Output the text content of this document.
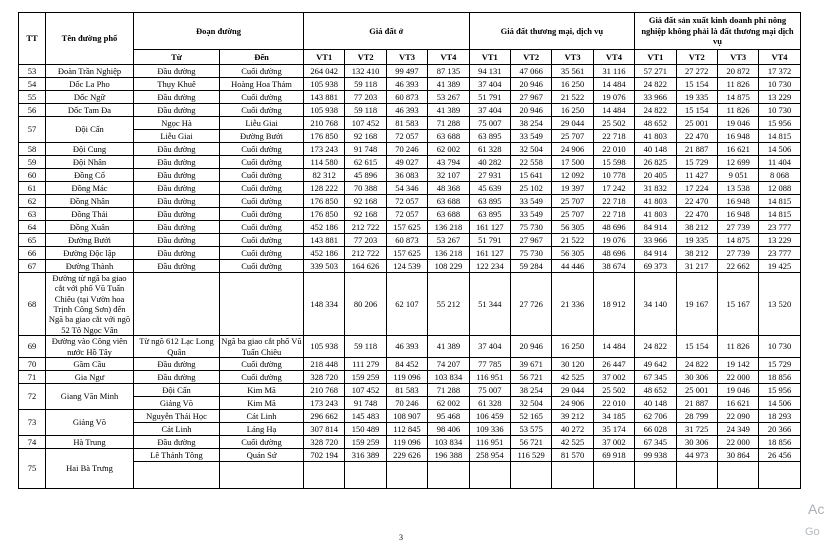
TT	Tên đường phố	Đoạn đường		Giá đất ở				Giá đất thương mại, dịch vụ				Giá đất sản xuất kinh doanh phi nông nghiệp không phải là đất thương mại dịch vụ			
		Từ	Đến	VT1	VT2	VT3	VT4	VT1	VT2	VT3	VT4	VT1	VT2	VT3	VT4
53	Đoàn Trần Nghiệp	Đầu đường	Cuối đường	264 042	132 410	99 497	87 135	94 131	47 066	35 561	31 116	57 271	27 272	20 872	17 372
54	Dốc La Pho	Thụy Khuê	Hoàng Hoa Thám	105 938	59 118	46 393	41 389	37 404	20 946	16 250	14 484	24 822	15 154	11 826	10 730
55	Dốc Ngữ	Đầu đường	Cuối đường	143 881	77 203	60 873	53 267	51 791	27 967	21 522	19 076	33 966	19 335	14 875	13 229
56	Dốc Tam Đa	Đầu đường	Cuối đường	105 938	59 118	46 393	41 389	37 404	20 946	16 250	14 484	24 822	15 154	11 826	10 730
57	Đội Cấn	Ngọc Hà	Liễu Giai	210 768	107 452	81 583	71 288	75 007	38 254	29 044	25 502	48 652	25 001	19 046	15 956
		Liễu Giai	Đường Bưởi	176 850	92 168	72 057	63 688	63 895	33 549	25 707	22 718	41 803	22 470	16 948	14 815
58	Đội Cung	Đầu đường	Cuối đường	173 243	91 748	70 246	62 002	61 328	32 504	24 906	22 010	40 148	21 887	16 621	14 506
59	Đội Nhân	Đầu đường	Cuối đường	114 580	62 615	49 027	43 794	40 282	22 558	17 500	15 598	26 825	15 729	12 699	11 404
60	Đồng Cổ	Đầu đường	Cuối đường	82 312	45 896	36 083	32 107	27 931	15 641	12 092	10 778	20 405	11 427	9 051	8 068
61	Đồng Mác	Đầu đường	Cuối đường	128 222	70 388	54 346	48 368	45 639	25 102	19 397	17 242	31 832	17 224	13 538	12 088
62	Đồng Nhân	Đầu đường	Cuối đường	176 850	92 168	72 057	63 688	63 895	33 549	25 707	22 718	41 803	22 470	16 948	14 815
63	Đồng Thái	Đầu đường	Cuối đường	176 850	92 168	72 057	63 688	63 895	33 549	25 707	22 718	41 803	22 470	16 948	14 815
64	Đồng Xuân	Đầu đường	Cuối đường	452 186	212 722	157 625	136 218	161 127	75 730	56 305	48 696	84 914	38 212	27 739	23 777
65	Đường Bưởi	Đầu đường	Cuối đường	143 881	77 203	60 873	53 267	51 791	27 967	21 522	19 076	33 966	19 335	14 875	13 229
66	Đường Độc lập	Đầu đường	Cuối đường	452 186	212 722	157 625	136 218	161 127	75 730	56 305	48 696	84 914	38 212	27 739	23 777
67	Đường Thành	Đầu đường	Cuối đường	339 503	164 626	124 539	108 229	122 234	59 284	44 446	38 674	69 373	31 217	22 662	19 425
68	Đường từ ngã ba giao cắt với phố Vũ Tuấn Chiêu (tại Vườn hoa Trịnh Công Sơn) đến Ngã ba giao cắt với ngõ 52 Tô Ngọc Vân			148 334	80 206	62 107	55 212	51 344	27 726	21 336	18 912	34 140	19 167	15 167	13 520
69	Đường vào Công viên nước Hồ Tây	Từ ngõ 612 Lạc Long Quân	Ngã ba giao cắt phố Vũ Tuấn Chiêu	105 938	59 118	46 393	41 389	37 404	20 946	16 250	14 484	24 822	15 154	11 826	10 730
70	Gầm Cầu	Đầu đường	Cuối đường	218 448	111 279	84 452	74 207	77 785	39 671	30 120	26 447	49 642	24 822	19 142	15 729
71	Gia Ngư	Đầu đường	Cuối đường	328 720	159 259	119 096	103 834	116 951	56 721	42 525	37 002	67 345	30 306	22 000	18 856
72	Giang Văn Minh	Đội Cấn	Kim Mã	210 768	107 452	81 583	71 288	75 007	38 254	29 044	25 502	48 652	25 001	19 046	15 956
		Giảng Võ	Kim Mã	173 243	91 748	70 246	62 002	61 328	32 504	24 906	22 010	40 148	21 887	16 621	14 506
73	Giảng Võ	Nguyễn Thái Học	Cát Linh	296 662	145 483	108 907	95 468	106 459	52 165	39 212	34 185	62 706	28 799	22 090	18 293
		Cát Linh	Láng Hạ	307 814	150 489	112 845	98 406	109 336	53 575	40 272	35 174	66 028	31 725	24 349	20 366
74	Hà Trung	Đầu đường	Cuối đường	328 720	159 259	119 096	103 834	116 951	56 721	42 525	37 002	67 345	30 306	22 000	18 856
75	Hai Bà Trưng	Lê Thánh Tông	Quán Sứ	702 194	316 389	229 626	196 388	258 954	116 529	81 570	69 918	99 938	44 973	30 864	26 456

3
Ac
Go
